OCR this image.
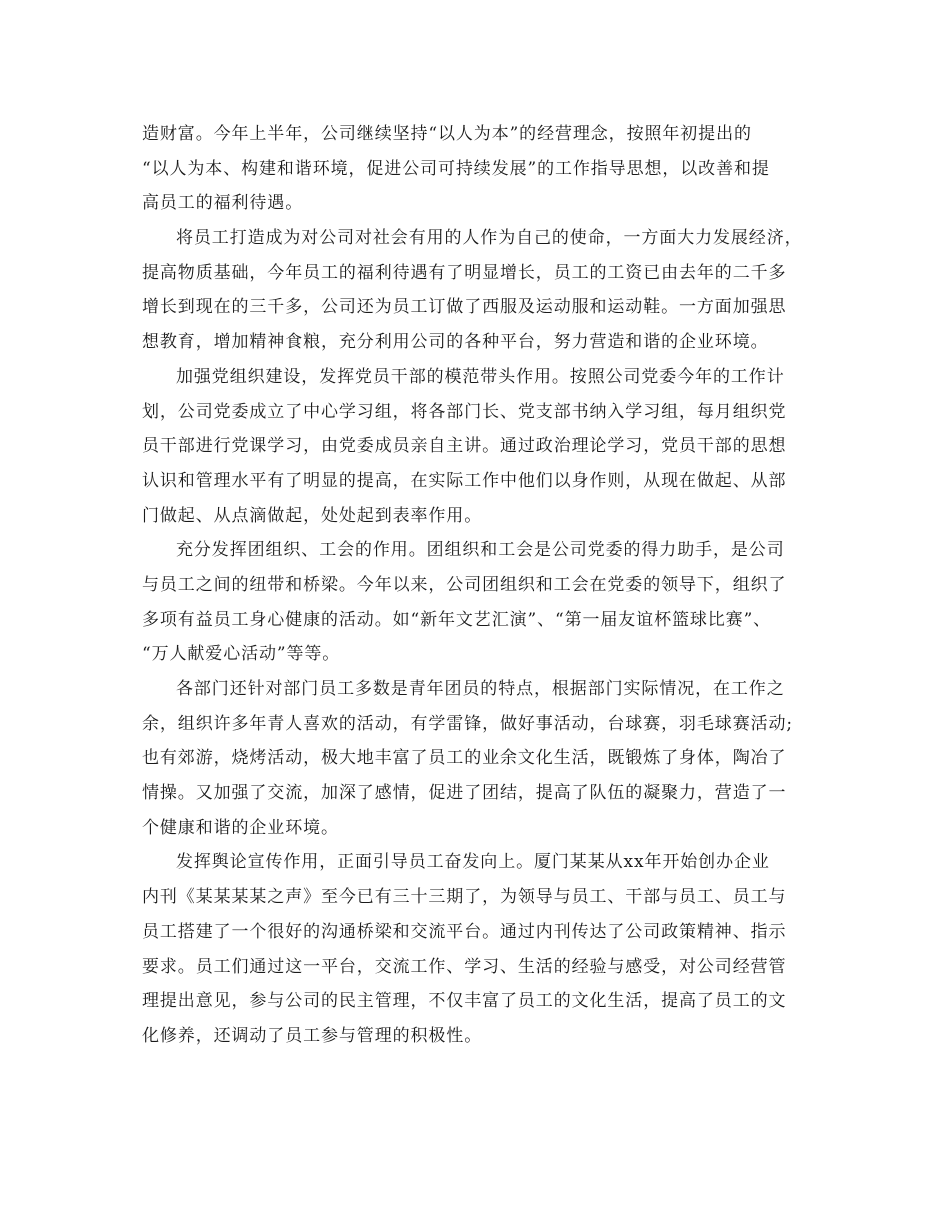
造财富。今年上半年，公司继续坚持“以人为本”的经营理念，按照年初提出的
“以人为本、构建和谐环境，促进公司可持续发展”的工作指导思想，以改善和提
高员工的福利待遇。
将员工打造成为对公司对社会有用的人作为自己的使命，一方面大力发展经济，
提高物质基础，今年员工的福利待遇有了明显增长，员工的工资已由去年的二千多
增长到现在的三千多，公司还为员工订做了西服及运动服和运动鞋。一方面加强思
想教育，增加精神食粮，充分利用公司的各种平台，努力营造和谐的企业环境。
加强党组织建设，发挥党员干部的模范带头作用。按照公司党委今年的工作计
划，公司党委成立了中心学习组，将各部门长、党支部书纳入学习组，每月组织党
员干部进行党课学习，由党委成员亲自主讲。通过政治理论学习，党员干部的思想
认识和管理水平有了明显的提高，在实际工作中他们以身作则，从现在做起、从部
门做起、从点滴做起，处处起到表率作用。
充分发挥团组织、工会的作用。团组织和工会是公司党委的得力助手，是公司
与员工之间的纽带和桥梁。今年以来，公司团组织和工会在党委的领导下，组织了
多项有益员工身心健康的活动。如“新年文艺汇演”、“第一届友谊杯篮球比赛”、
“万人献爱心活动”等等。
各部门还针对部门员工多数是青年团员的特点，根据部门实际情况，在工作之
余，组织许多年青人喜欢的活动，有学雷锋，做好事活动，台球赛，羽毛球赛活动;
也有郊游，烧烤活动，极大地丰富了员工的业余文化生活，既锻炼了身体，陶冶了
情操。又加强了交流，加深了感情，促进了团结，提高了队伍的凝聚力，营造了一
个健康和谐的企业环境。
发挥舆论宣传作用，正面引导员工奋发向上。厦门某某从xx年开始创办企业
内刊《某某某某之声》至今已有三十三期了，为领导与员工、干部与员工、员工与
员工搭建了一个很好的沟通桥梁和交流平台。通过内刊传达了公司政策精神、指示
要求。员工们通过这一平台，交流工作、学习、生活的经验与感受，对公司经营管
理提出意见，参与公司的民主管理，不仅丰富了员工的文化生活，提高了员工的文
化修养，还调动了员工参与管理的积极性。
